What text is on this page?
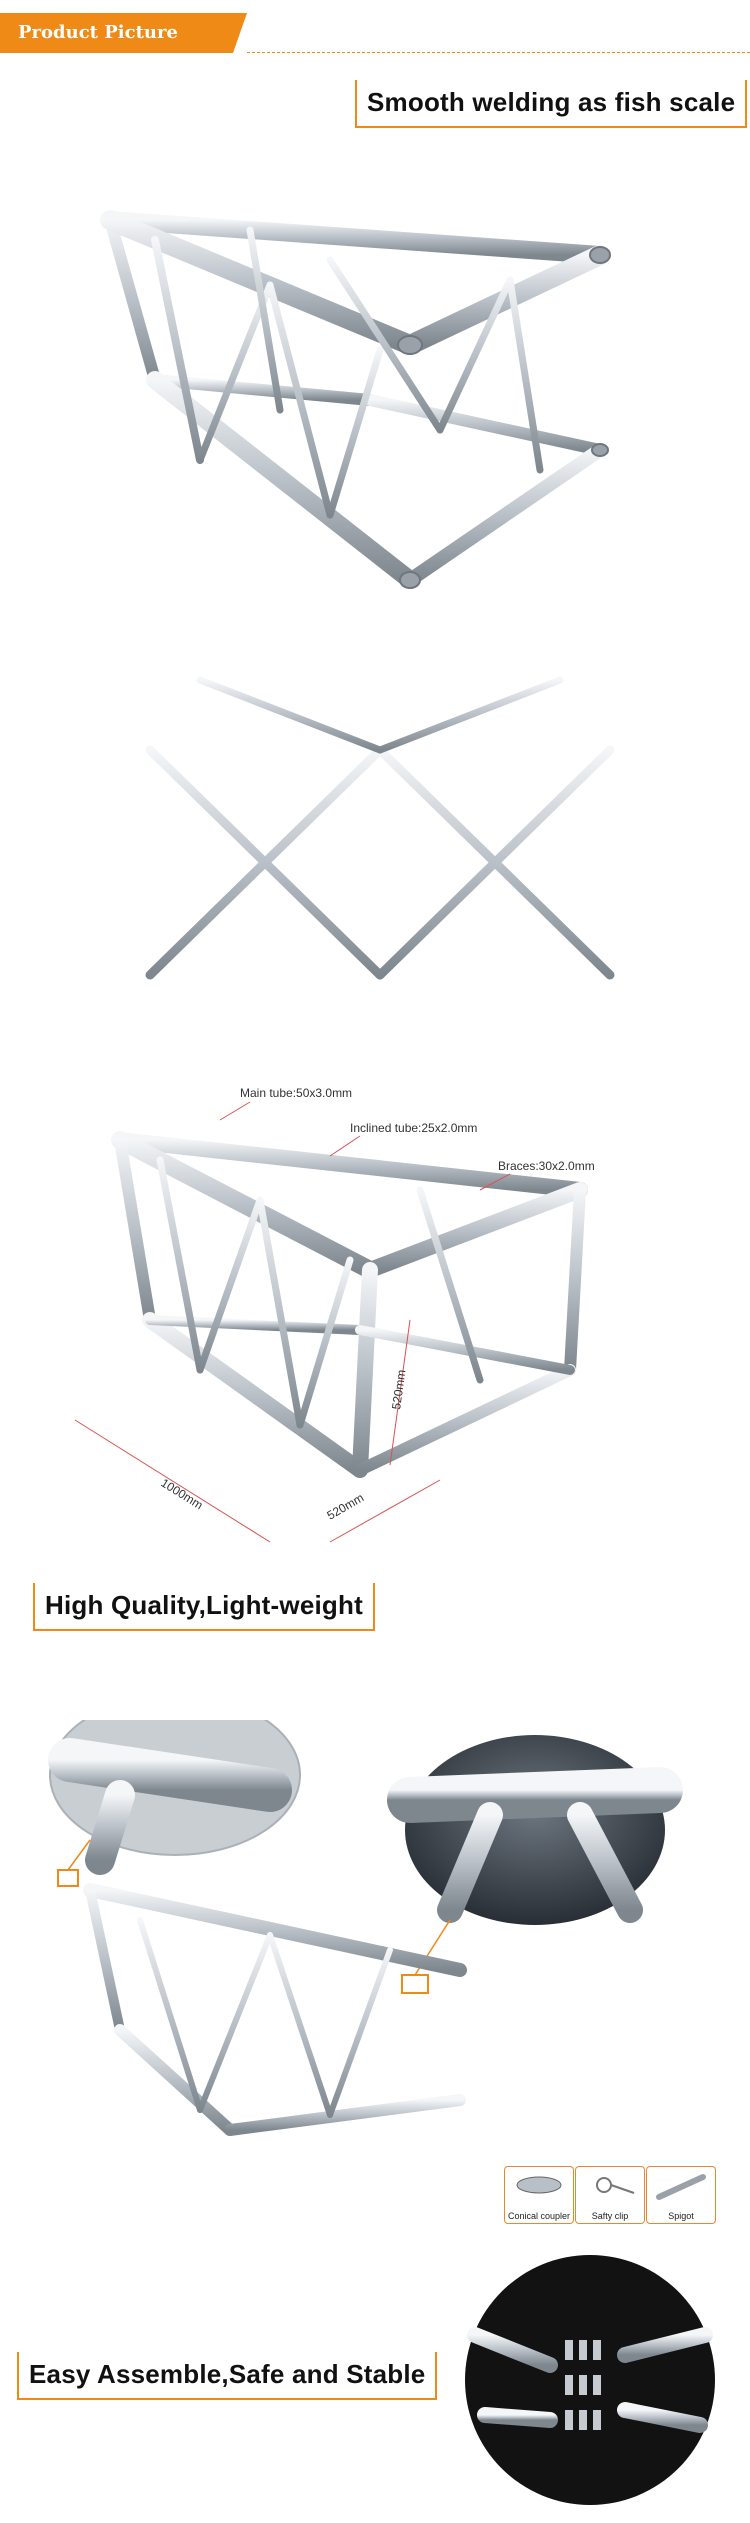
Product Picture
Smooth welding as fish scale
Main tube:50x3.0mm
Inclined tube:25x2.0mm
Braces:30x2.0mm
1000mm	520mm
520mm
High Quality,Light-weight
Conical coupler	Safty clip	Spigot
Easy Assemble,Safe and Stable
